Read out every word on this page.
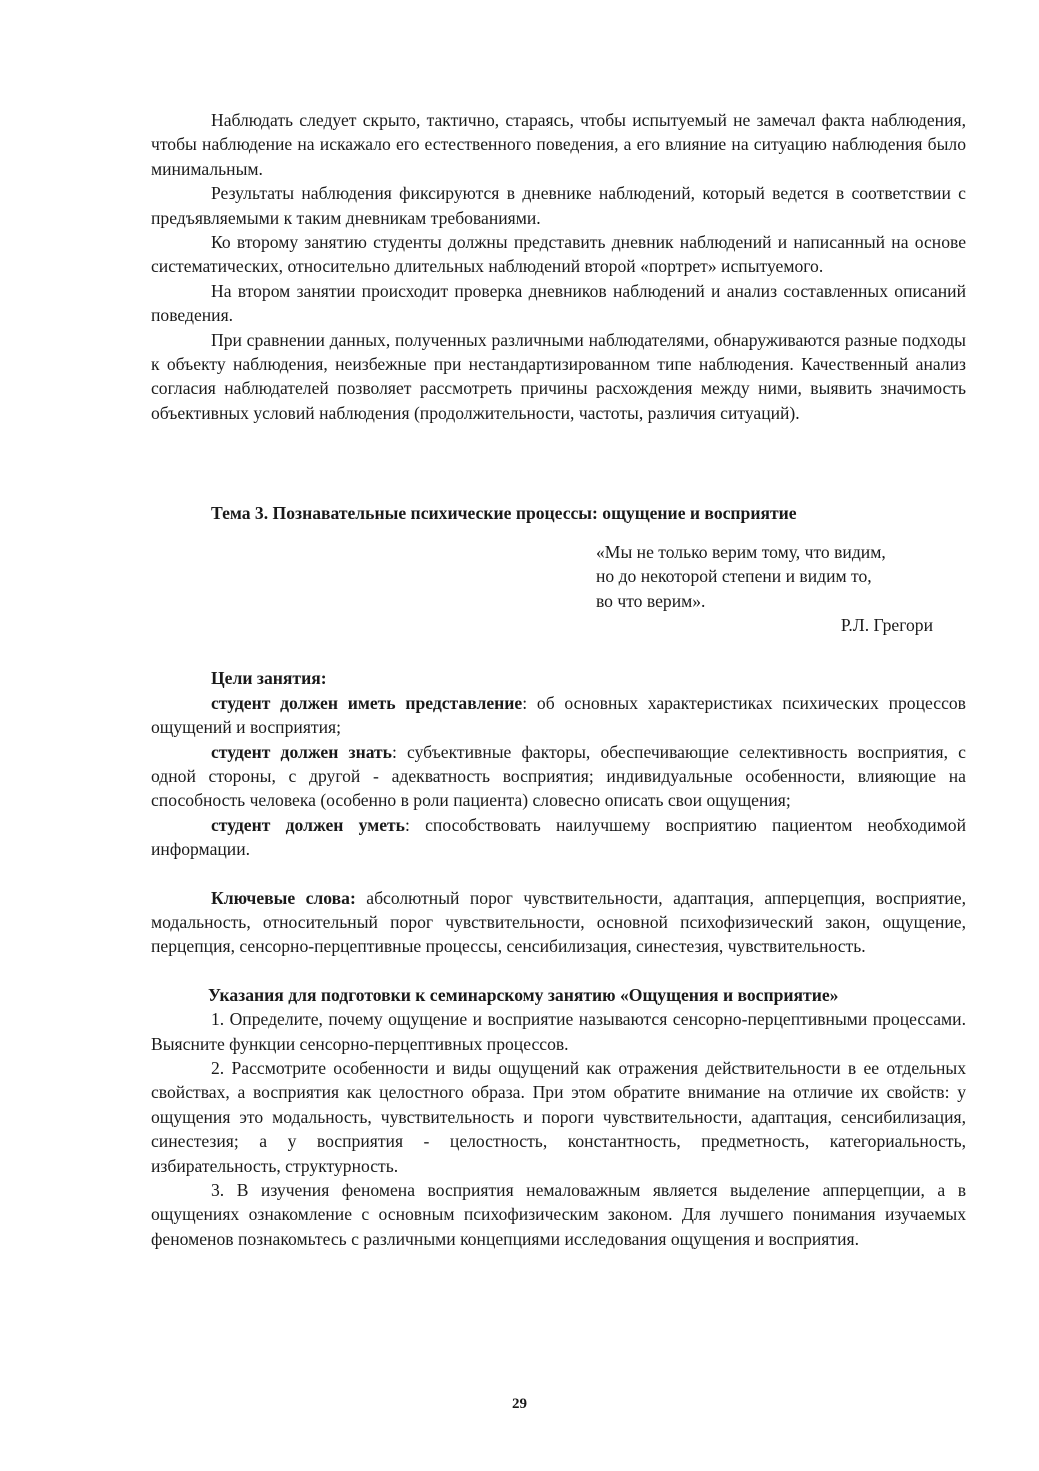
Наблюдать следует скрыто, тактично, стараясь, чтобы испытуемый не замечал факта наблюдения, чтобы наблюдение на искажало его естественного поведения, а его влияние на ситуацию наблюдения было минимальным.

Результаты наблюдения фиксируются в дневнике наблюдений, который ведется в соответствии с предъявляемыми к таким дневникам требованиями.

Ко второму занятию студенты должны представить дневник наблюдений и написанный на основе систематических, относительно длительных наблюдений второй «портрет» испытуемого.

На втором занятии происходит проверка дневников наблюдений и анализ составленных описаний поведения.

При сравнении данных, полученных различными наблюдателями, обнаруживаются разные подходы к объекту наблюдения, неизбежные при нестандартизированном типе наблюдения. Качественный анализ согласия наблюдателей позволяет рассмотреть причины расхождения между ними, выявить значимость объективных условий наблюдения (продолжительности, частоты, различия ситуаций).

Тема 3. Познавательные психические процессы: ощущение и восприятие

«Мы не только верим тому, что видим,
но до некоторой степени и видим то,
во что верим».
Р.Л. Грегори

Цели занятия:

студент должен иметь представление: об основных характеристиках психических процессов ощущений и восприятия;

студент должен знать: субъективные факторы, обеспечивающие селективность восприятия, с одной стороны, с другой - адекватность восприятия; индивидуальные особенности, влияющие на способность человека (особенно в роли пациента) словесно описать свои ощущения;

студент должен уметь: способствовать наилучшему восприятию пациентом необходимой информации.

Ключевые слова: абсолютный порог чувствительности, адаптация, апперцепция, восприятие, модальность, относительный порог чувствительности, основной психофизический закон, ощущение, перцепция, сенсорно-перцептивные процессы, сенсибилизация, синестезия, чувствительность.

Указания для подготовки к семинарскому занятию «Ощущения и восприятие»

1. Определите, почему ощущение и восприятие называются сенсорно-перцептивными процессами. Выясните функции сенсорно-перцептивных процессов.

2. Рассмотрите особенности и виды ощущений как отражения действительности в ее отдельных свойствах, а восприятия как целостного образа. При этом обратите внимание на отличие их свойств: у ощущения это модальность, чувствительность и пороги чувствительности, адаптация, сенсибилизация, синестезия; а у восприятия - целостность, константность, предметность, категориальность, избирательность, структурность.

3. В изучения феномена восприятия немаловажным является выделение апперцепции, а в ощущениях ознакомление с основным психофизическим законом. Для лучшего понимания изучаемых феноменов познакомьтесь с различными концепциями исследования ощущения и восприятия.

29
